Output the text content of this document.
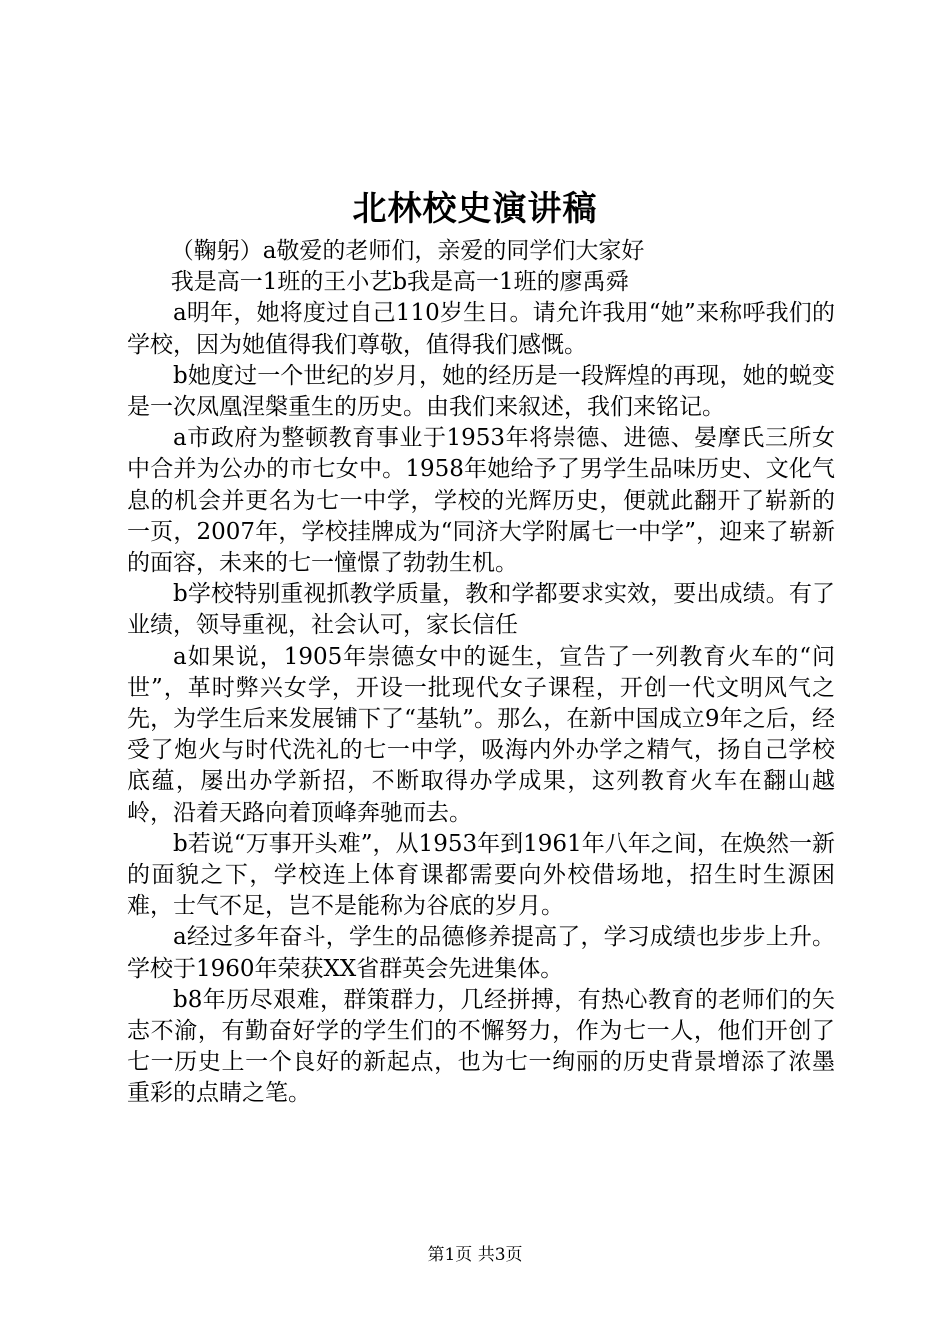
北林校史演讲稿

（鞠躬）a敬爱的老师们，亲爱的同学们大家好

我是高一1班的王小艺b我是高一1班的廖禹舜

a明年，她将度过自己110岁生日。请允许我用“她”来称呼我们的学校，因为她值得我们尊敬，值得我们感慨。

b她度过一个世纪的岁月，她的经历是一段辉煌的再现，她的蜕变是一次凤凰涅槃重生的历史。由我们来叙述，我们来铭记。

a市政府为整顿教育事业于1953年将崇德、进德、晏摩氏三所女中合并为公办的市七女中。1958年她给予了男学生品味历史、文化气息的机会并更名为七一中学，学校的光辉历史，便就此翻开了崭新的一页，2007年，学校挂牌成为“同济大学附属七一中学”，迎来了崭新的面容，未来的七一憧憬了勃勃生机。

b学校特别重视抓教学质量，教和学都要求实效，要出成绩。有了业绩，领导重视，社会认可，家长信任

a如果说，1905年崇德女中的诞生，宣告了一列教育火车的“问世”，革时弊兴女学，开设一批现代女子课程，开创一代文明风气之先，为学生后来发展铺下了“基轨”。那么，在新中国成立9年之后，经受了炮火与时代洗礼的七一中学，吸海内外办学之精气，扬自己学校底蕴，屡出办学新招，不断取得办学成果，这列教育火车在翻山越岭，沿着天路向着顶峰奔驰而去。

b若说“万事开头难”，从1953年到1961年八年之间，在焕然一新的面貌之下，学校连上体育课都需要向外校借场地，招生时生源困难，士气不足，岂不是能称为谷底的岁月。

a经过多年奋斗，学生的品德修养提高了，学习成绩也步步上升。学校于1960年荣获XX省群英会先进集体。

b8年历尽艰难，群策群力，几经拼搏，有热心教育的老师们的矢志不渝，有勤奋好学的学生们的不懈努力，作为七一人，他们开创了七一历史上一个良好的新起点，也为七一绚丽的历史背景增添了浓墨重彩的点睛之笔。

第1页 共3页
